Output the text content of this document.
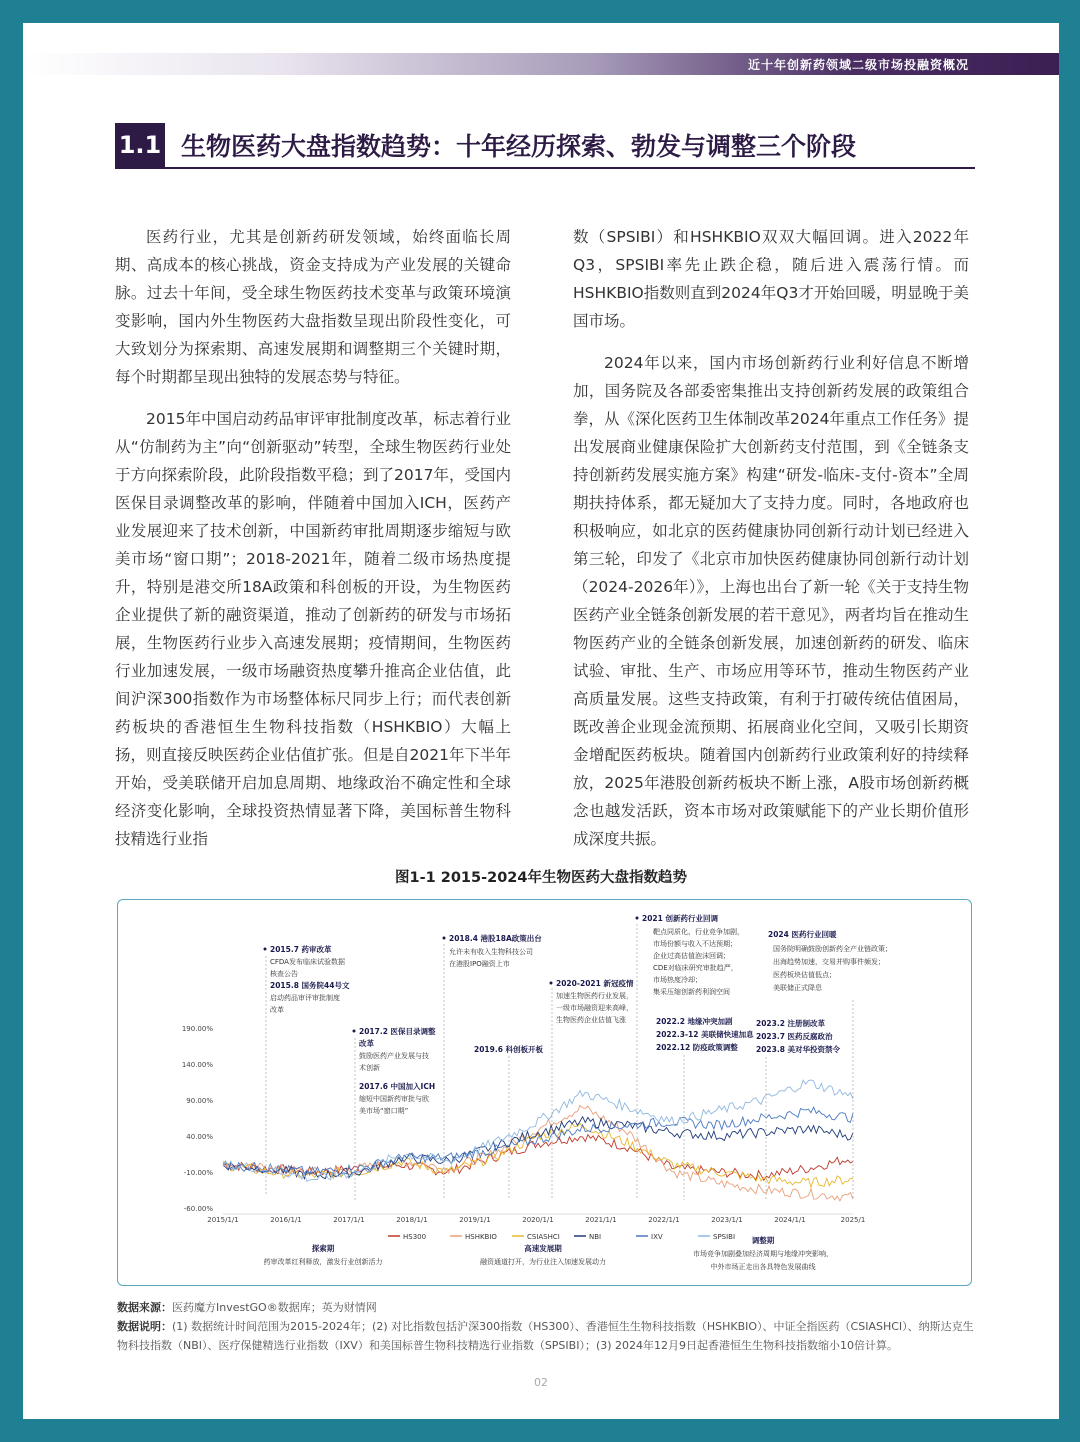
近十年创新药领域二级市场投融资概况
1.1 生物医药大盘指数趋势：十年经历探索、勃发与调整三个阶段

医药行业，尤其是创新药研发领域，始终面临长周期、高成本的核心挑战，资金支持成为产业发展的关键命脉。过去十年间，受全球生物医药技术变革与政策环境演变影响，国内外生物医药大盘指数呈现出阶段性变化，可大致划分为探索期、高速发展期和调整期三个关键时期，每个时期都呈现出独特的发展态势与特征。

2015年中国启动药品审评审批制度改革，标志着行业从“仿制药为主”向“创新驱动”转型，全球生物医药行业处于方向探索阶段，此阶段指数平稳；到了2017年，受国内医保目录调整改革的影响，伴随着中国加入ICH，医药产业发展迎来了技术创新，中国新药审批周期逐步缩短与欧美市场“窗口期”；2018-2021年，随着二级市场热度提升，特别是港交所18A政策和科创板的开设，为生物医药企业提供了新的融资渠道，推动了创新药的研发与市场拓展，生物医药行业步入高速发展期；疫情期间，生物医药行业加速发展，一级市场融资热度攀升推高企业估值，此间沪深300指数作为市场整体标尺同步上行；而代表创新药板块的香港恒生生物科技指数（HSHKBIO）大幅上扬，则直接反映医药企业估值扩张。但是自2021年下半年开始，受美联储开启加息周期、地缘政治不确定性和全球经济变化影响，全球投资热情显著下降，美国标普生物科技精选行业指

数（SPSIBI）和HSHKBIO双双大幅回调。进入2022年Q3，SPSIBI率先止跌企稳，随后进入震荡行情。而HSHKBIO指数则直到2024年Q3才开始回暖，明显晚于美国市场。

2024年以来，国内市场创新药行业利好信息不断增加，国务院及各部委密集推出支持创新药发展的政策组合拳，从《深化医药卫生体制改革2024年重点工作任务》提出发展商业健康保险扩大创新药支付范围，到《全链条支持创新药发展实施方案》构建“研发-临床-支付-资本”全周期扶持体系，都无疑加大了支持力度。同时，各地政府也积极响应，如北京的医药健康协同创新行动计划已经进入第三轮，印发了《北京市加快医药健康协同创新行动计划（2024-2026年）》，上海也出台了新一轮《关于支持生物医药产业全链条创新发展的若干意见》，两者均旨在推动生物医药产业的全链条创新发展，加速创新药的研发、临床试验、审批、生产、市场应用等环节，推动生物医药产业高质量发展。这些支持政策，有利于打破传统估值困局，既改善企业现金流预期、拓展商业化空间，又吸引长期资金增配医药板块。随着国内创新药行业政策利好的持续释放，2025年港股创新药板块不断上涨，A股市场创新药概念也越发活跃，资本市场对政策赋能下的产业长期价值形成深度共振。

图1-1 2015-2024年生物医药大盘指数趋势
190.00%
140.00%
90.00%
40.00%
-10.00%
-60.00%
2015/1/1	2016/1/1	2017/1/1	2018/1/1	2019/1/1	2020/1/1	2021/1/1	2022/1/1	2023/1/1	2024/1/1	2025/1
2015.7 药审改革
CFDA发布临床试验数据
核查公告
2015.8 国务院44号文
启动药品审评审批制度
改革
2017.2 医保目录调整
改革
鼓励医药产业发展与技
术创新
2017.6 中国加入ICH
缩短中国新药审批与欧
美市场“窗口期”
2018.4 港股18A政策出台
允许未有收入生物科技公司
在港股IPO融资上市
2019.6 科创板开板
2020-2021 新冠疫情
加速生物医药行业发展，
一级市场融资迎来高峰，
生物医药企业估值飞涨
2021 创新药行业回调
靶点同质化、行业竞争加剧，
市场份额与收入不达预期；
企业过高估值泡沫回调；
CDE对临床研究审批趋严，
市场热度冷却；
集采压缩创新药利润空间
2022.2 地缘冲突加剧
2022.3-12 美联储快速加息
2022.12 防疫政策调整
2023.2 注册制改革
2023.7 医药反腐政治
2023.8 美对华投资禁令
2024 医药行业回暖
国务院明确鼓励创新药全产业链政策；
出海趋势加速，交易并购事件频发；
医药板块估值低点；
美联储正式降息
HS300	HSHKBIO	CSIASHCI	NBI	IXV	SPSIBI
探索期
药审改革红利释放，激发行业创新活力
高速发展期
融资通道打开，为行业注入加速发展动力
调整期
市场竞争加剧叠加经济周期与地缘冲突影响，
中外市场正走出各具特色发展曲线
数据来源：医药魔方InvestGO®数据库；英为财情网
数据说明：(1) 数据统计时间范围为2015-2024年；(2) 对比指数包括沪深300指数（HS300）、香港恒生生物科技指数（HSHKBIO）、中证全指医药（CSIASHCI）、纳斯达克生物科技指数（NBI）、医疗保健精选行业指数（IXV）和美国标普生物科技精选行业指数（SPSIBI）；(3) 2024年12月9日起香港恒生生物科技指数缩小10倍计算。
02
